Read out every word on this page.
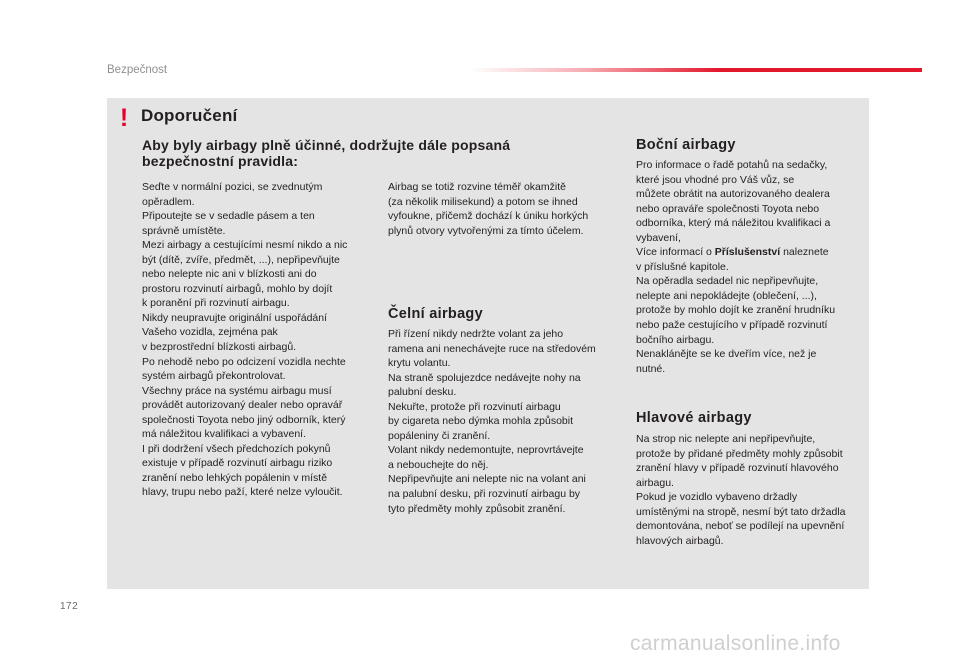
Bezpečnost
! Doporučení
Aby byly airbagy plně účinné, dodržujte dále popsaná
bezpečnostní pravidla:
Seďte v normální pozici, se zvednutým
opěradlem.
Připoutejte se v sedadle pásem a ten
správně umístěte.
Mezi airbagy a cestujícími nesmí nikdo a nic
být (dítě, zvíře, předmět, ...), nepřipevňujte
nebo nelepte nic ani v blízkosti ani do
prostoru rozvinutí airbagů, mohlo by dojít
k poranění při rozvinutí airbagu.
Nikdy neupravujte originální uspořádání
Vašeho vozidla, zejména pak
v bezprostřední blízkosti airbagů.
Po nehodě nebo po odcizení vozidla nechte
systém airbagů překontrolovat.
Všechny práce na systému airbagu musí
provádět autorizovaný dealer nebo opravář
společnosti Toyota nebo jiný odborník, který
má náležitou kvalifikaci a vybavení.
I při dodržení všech předchozích pokynů
existuje v případě rozvinutí airbagu riziko
zranění nebo lehkých popálenin v místě
hlavy, trupu nebo paží, které nelze vyloučit.
Airbag se totiž rozvine téměř okamžitě
(za několik milisekund) a potom se ihned
vyfoukne, přičemž dochází k úniku horkých
plynů otvory vytvořenými za tímto účelem.
Čelní airbagy
Při řízení nikdy nedržte volant za jeho
ramena ani nenechávejte ruce na středovém
krytu volantu.
Na straně spolujezdce nedávejte nohy na
palubní desku.
Nekuřte, protože při rozvinutí airbagu
by cigareta nebo dýmka mohla způsobit
popáleniny či zranění.
Volant nikdy nedemontujte, neprovrtávejte
a nebouchejte do něj.
Nepřipevňujte ani nelepte nic na volant ani
na palubní desku, při rozvinutí airbagu by
tyto předměty mohly způsobit zranění.
Boční airbagy
Pro informace o řadě potahů na sedačky,
které jsou vhodné pro Váš vůz, se
můžete obrátit na autorizovaného dealera
nebo opraváře společnosti Toyota nebo
odborníka, který má náležitou kvalifikaci a
vybavení,
Více informací o Příslušenství naleznete
v příslušné kapitole.
Na opěradla sedadel nic nepřipevňujte,
nelepte ani nepokládejte (oblečení, ...),
protože by mohlo dojít ke zranění hrudníku
nebo paže cestujícího v případě rozvinutí
bočního airbagu.
Nenaklánějte se ke dveřím více, než je
nutné.
Hlavové airbagy
Na strop nic nelepte ani nepřipevňujte,
protože by přidané předměty mohly způsobit
zranění hlavy v případě rozvinutí hlavového
airbagu.
Pokud je vozidlo vybaveno držadly
umístěnými na stropě, nesmí být tato držadla
demontována, neboť se podílejí na upevnění
hlavových airbagů.
172
carmanualsonline.info
